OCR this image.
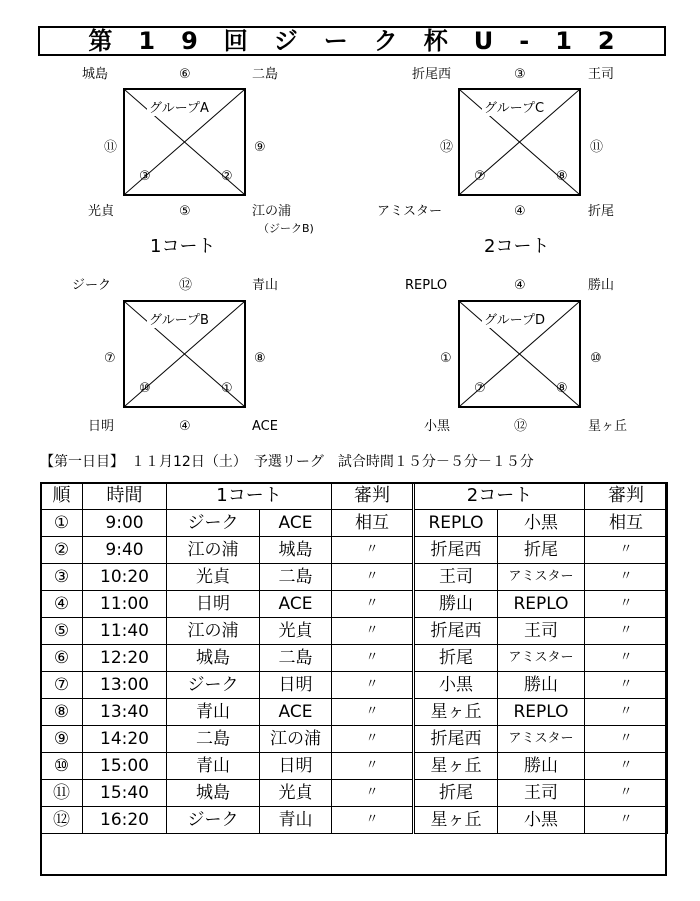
第　1　9　回　ジ　ー　ク　杯　U　-　1　2
城島	⑥	二島
グループA
③	②
⑪	⑨
光貞	⑤	江の浦
（ジークB)
1コート
折尾西	③	王司
グループC
⑦	⑧
⑫	⑪
アミスター	④	折尾
2コート
ジーク	⑫	青山
グループB
⑩	①
⑦	⑧
日明	④	ACE
REPLO	④	勝山
グループD
⑦	⑧
①	⑩
小黒	⑫	星ヶ丘
【第一日目】　１１月12日（土）　予選リーグ　試合時間１５分－５分－１５分
順	時間	1コート		審判	2コート		審判
①	9:00	ジーク	ACE	相互	REPLO	小黒	相互
②	9:40	江の浦	城島	〃	折尾西	折尾	〃
③	10:20	光貞	二島	〃	王司	アミスター	〃
④	11:00	日明	ACE	〃	勝山	REPLO	〃
⑤	11:40	江の浦	光貞	〃	折尾西	王司	〃
⑥	12:20	城島	二島	〃	折尾	アミスター	〃
⑦	13:00	ジーク	日明	〃	小黒	勝山	〃
⑧	13:40	青山	ACE	〃	星ヶ丘	REPLO	〃
⑨	14:20	二島	江の浦	〃	折尾西	アミスター	〃
⑩	15:00	青山	日明	〃	星ヶ丘	勝山	〃
⑪	15:40	城島	光貞	〃	折尾	王司	〃
⑫	16:20	ジーク	青山	〃	星ヶ丘	小黒	〃
